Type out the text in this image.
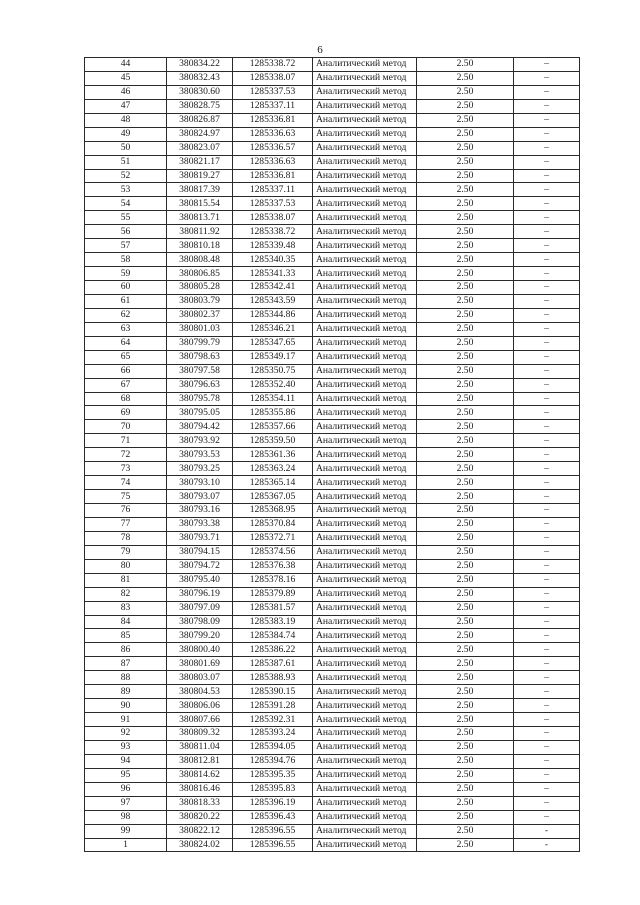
6
44	380834.22	1285338.72	Аналитический метод	2.50	–
45	380832.43	1285338.07	Аналитический метод	2.50	–
46	380830.60	1285337.53	Аналитический метод	2.50	–
47	380828.75	1285337.11	Аналитический метод	2.50	–
48	380826.87	1285336.81	Аналитический метод	2.50	–
49	380824.97	1285336.63	Аналитический метод	2.50	–
50	380823.07	1285336.57	Аналитический метод	2.50	–
51	380821.17	1285336.63	Аналитический метод	2.50	–
52	380819.27	1285336.81	Аналитический метод	2.50	–
53	380817.39	1285337.11	Аналитический метод	2.50	–
54	380815.54	1285337.53	Аналитический метод	2.50	–
55	380813.71	1285338.07	Аналитический метод	2.50	–
56	380811.92	1285338.72	Аналитический метод	2.50	–
57	380810.18	1285339.48	Аналитический метод	2.50	–
58	380808.48	1285340.35	Аналитический метод	2.50	–
59	380806.85	1285341.33	Аналитический метод	2.50	–
60	380805.28	1285342.41	Аналитический метод	2.50	–
61	380803.79	1285343.59	Аналитический метод	2.50	–
62	380802.37	1285344.86	Аналитический метод	2.50	–
63	380801.03	1285346.21	Аналитический метод	2.50	–
64	380799.79	1285347.65	Аналитический метод	2.50	–
65	380798.63	1285349.17	Аналитический метод	2.50	–
66	380797.58	1285350.75	Аналитический метод	2.50	–
67	380796.63	1285352.40	Аналитический метод	2.50	–
68	380795.78	1285354.11	Аналитический метод	2.50	–
69	380795.05	1285355.86	Аналитический метод	2.50	–
70	380794.42	1285357.66	Аналитический метод	2.50	–
71	380793.92	1285359.50	Аналитический метод	2.50	–
72	380793.53	1285361.36	Аналитический метод	2.50	–
73	380793.25	1285363.24	Аналитический метод	2.50	–
74	380793.10	1285365.14	Аналитический метод	2.50	–
75	380793.07	1285367.05	Аналитический метод	2.50	–
76	380793.16	1285368.95	Аналитический метод	2.50	–
77	380793.38	1285370.84	Аналитический метод	2.50	–
78	380793.71	1285372.71	Аналитический метод	2.50	–
79	380794.15	1285374.56	Аналитический метод	2.50	–
80	380794.72	1285376.38	Аналитический метод	2.50	–
81	380795.40	1285378.16	Аналитический метод	2.50	–
82	380796.19	1285379.89	Аналитический метод	2.50	–
83	380797.09	1285381.57	Аналитический метод	2.50	–
84	380798.09	1285383.19	Аналитический метод	2.50	–
85	380799.20	1285384.74	Аналитический метод	2.50	–
86	380800.40	1285386.22	Аналитический метод	2.50	–
87	380801.69	1285387.61	Аналитический метод	2.50	–
88	380803.07	1285388.93	Аналитический метод	2.50	–
89	380804.53	1285390.15	Аналитический метод	2.50	–
90	380806.06	1285391.28	Аналитический метод	2.50	–
91	380807.66	1285392.31	Аналитический метод	2.50	–
92	380809.32	1285393.24	Аналитический метод	2.50	–
93	380811.04	1285394.05	Аналитический метод	2.50	–
94	380812.81	1285394.76	Аналитический метод	2.50	–
95	380814.62	1285395.35	Аналитический метод	2.50	–
96	380816.46	1285395.83	Аналитический метод	2.50	–
97	380818.33	1285396.19	Аналитический метод	2.50	–
98	380820.22	1285396.43	Аналитический метод	2.50	–
99	380822.12	1285396.55	Аналитический метод	2.50	-
1	380824.02	1285396.55	Аналитический метод	2.50	-
